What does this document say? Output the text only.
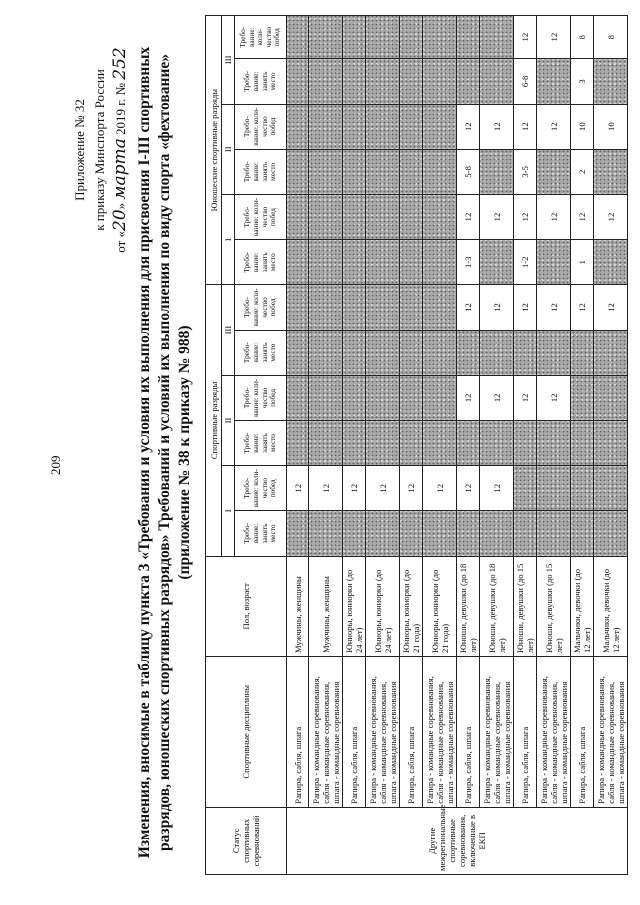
209
Приложение № 32 к приказу Минспорта России
от «20» марта 2019 г. № 252 Изменения, вносимые в таблицу пункта 3 «Требования и условия их выполнения для присвоения I-III спортивных разрядов, юношеских спортивных разрядов» Требований и условий их выполнения по виду спорта «фехтование» (приложение № 38 к приказу № 988)
Статус спортивных соревнований	Спортивные дисциплины	Пол, возраст	Спортивные разряды						Юношеские спортивные разряды					
			I		II		III		I		II		III	
			Требо-вание: занять место	Требо-вание: коли-чество побед	Требо-вание: занять место	Требо-вание: коли-чество побед	Требо-вание: занять место	Требо-вание: коли-чество побед	Требо-вание: занять место	Требо-вание: коли-чество побед	Требо-вание: занять место	Требо-вание: коли-чество побед	Требо-вание: занять место	Требо-вание: коли-чество побед
Другие межрегиональные спортивные соревнования, включенные в ЕКП	Рапира, сабля, шпага	Мужчины, женщины		12										
	Рапира - командные соревнования, сабля - командные соревнования, шпага - командные соревнования	Мужчины, женщины		12										
	Рапира, сабля, шпага	Юниоры, юниорки (до 24 лет)		12										
	Рапира - командные соревнования, сабля - командные соревнования, шпага - командные соревнования	Юниоры, юниорки (до 24 лет)		12										
	Рапира, сабля, шпага	Юниоры, юниорки (до 21 года)		12										
	Рапира - командные соревнования, сабля - командные соревнования, шпага - командные соревнования	Юниоры, юниорки (до 21 года)		12										
	Рапира, сабля, шпага	Юноши, девушки (до 18 лет)		12		12		12	1-3	12	5-8	12		
	Рапира - командные соревнования, сабля - командные соревнования, шпага - командные соревнования	Юноши, девушки (до 18 лет)		12		12		12		12		12		
	Рапира, сабля, шпага	Юноши, девушки (до 15 лет)				12		12	1-2	12	3-5	12	6-8	12
	Рапира - командные соревнования, сабля - командные соревнования, шпага - командные соревнования	Юноши, девушки (до 15 лет)				12		12		12		12		12
	Рапира, сабля, шпага	Мальчики, девочки (до 12 лет)						12	1	12	2	10	3	8
	Рапира - командные соревнования, сабля - командные соревнования, шпага - командные соревнования	Мальчики, девочки (до 12 лет)						12		12		10		8
